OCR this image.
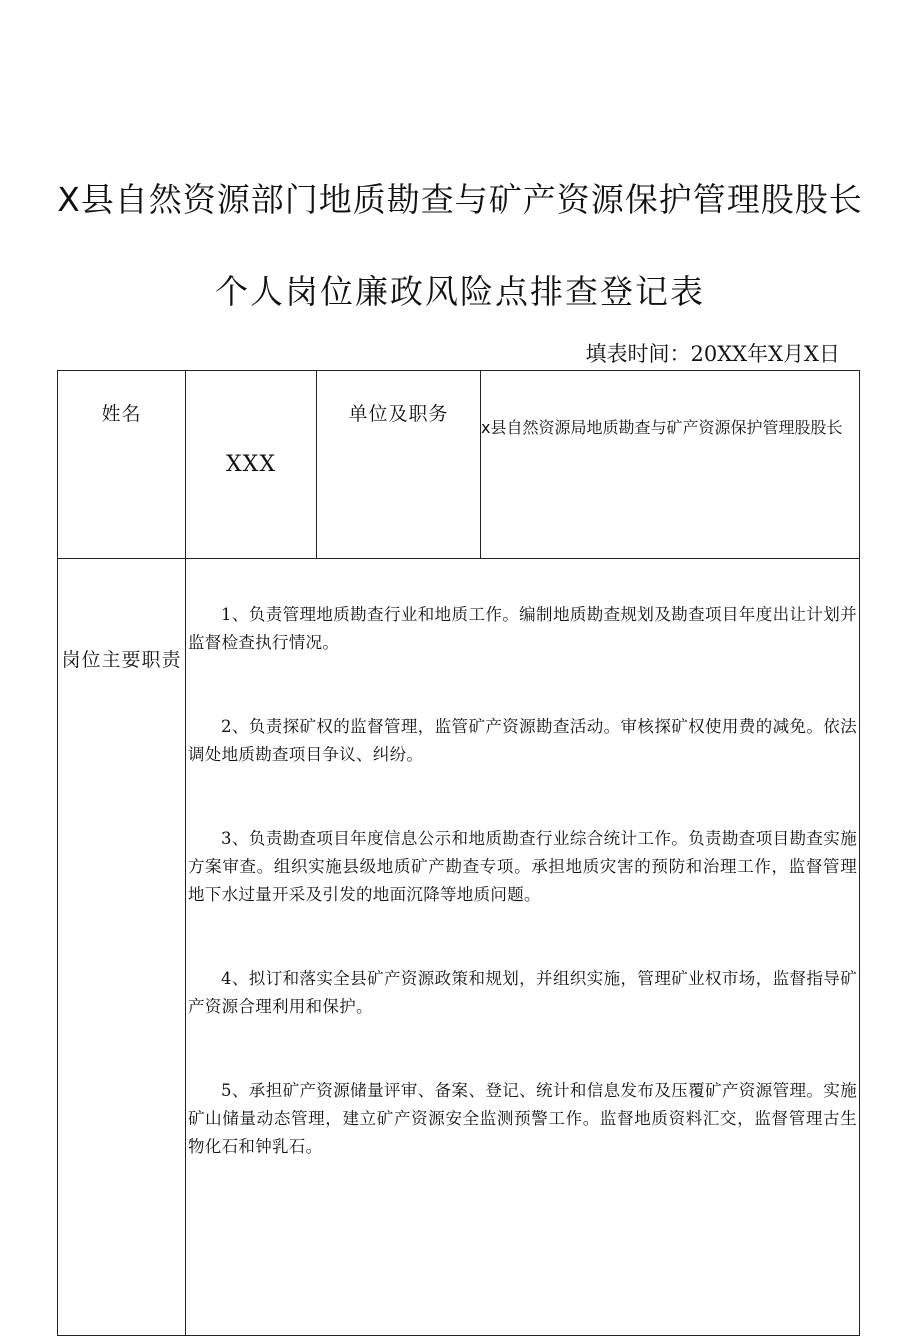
X县自然资源部门地质勘查与矿产资源保护管理股股长
个人岗位廉政风险点排查登记表
填表时间：20XX年X月X日
姓名	XXX	单位及职务	x县自然资源局地质勘查与矿产资源保护管理股股长
岗位主要职责	1、负责管理地质勘查行业和地质工作。编制地质勘查规划及勘查项目年度出让计划并监督检查执行情况。

2、负责探矿权的监督管理，监管矿产资源勘查活动。审核探矿权使用费的减免。依法调处地质勘查项目争议、纠纷。

3、负责勘查项目年度信息公示和地质勘查行业综合统计工作。负责勘查项目勘查实施方案审查。组织实施县级地质矿产勘查专项。承担地质灾害的预防和治理工作，监督管理地下水过量开采及引发的地面沉降等地质问题。

4、拟订和落实全县矿产资源政策和规划，并组织实施，管理矿业权市场，监督指导矿产资源合理利用和保护。

5、承担矿产资源储量评审、备案、登记、统计和信息发布及压覆矿产资源管理。实施矿山储量动态管理，建立矿产资源安全监测预警工作。监督地质资料汇交，监督管理古生物化石和钟乳石。		
